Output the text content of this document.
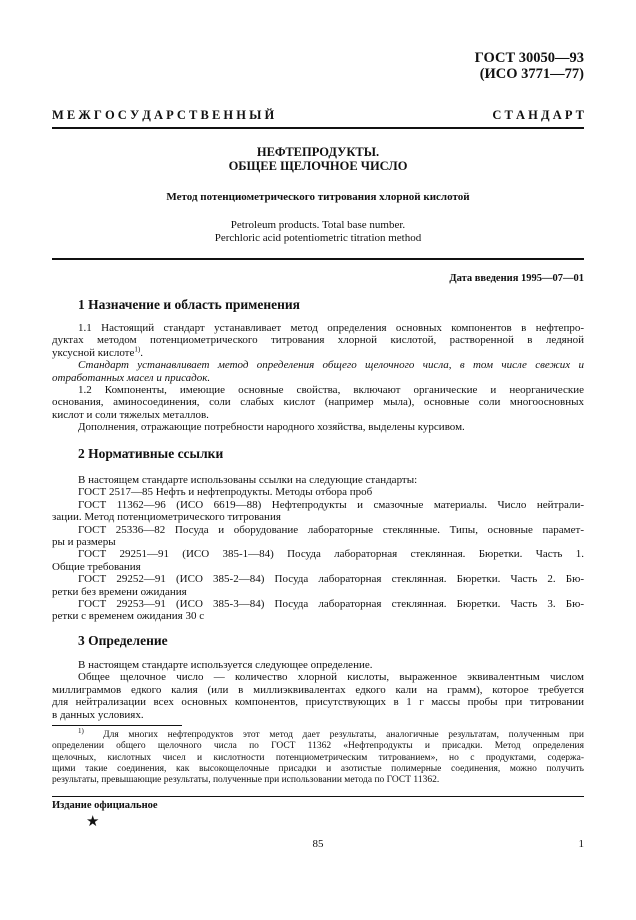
ГОСТ 30050—93
(ИСО 3771—77)
М Е Ж Г О С У Д А Р С Т В Е Н Н Ы Й	С Т А Н Д А Р Т
НЕФТЕПРОДУКТЫ.
ОБЩЕЕ ЩЕЛОЧНОЕ ЧИСЛО
Метод потенциометрического титрования хлорной кислотой
Petroleum products. Total base number.
Perchloric acid potentiometric titration method
Дата введения 1995—07—01
1 Назначение и область применения
1.1 Настоящий стандарт устанавливает метод определения основных компонентов в нефтепро-
дуктах методом потенциометрического титрования хлорной кислотой, растворенной в ледяной
уксусной кислоте$^{1)}$.
Стандарт устанавливает метод определения общего щелочного числа, в том числе свежих и
отработанных масел и присадок.
1.2 Компоненты, имеющие основные свойства, включают органические и неорганические
основания, аминосоединения, соли слабых кислот (например мыла), основные соли многоосновных
кислот и соли тяжелых металлов.
Дополнения, отражающие потребности народного хозяйства, выделены курсивом.
2 Нормативные ссылки
В настоящем стандарте использованы ссылки на следующие стандарты:
ГОСТ 2517—85 Нефть и нефтепродукты. Методы отбора проб
ГОСТ 11362—96 (ИСО 6619—88) Нефтепродукты и смазочные материалы. Число нейтрали-
зации. Метод потенциометрического титрования
ГОСТ 25336—82 Посуда и оборудование лабораторные стеклянные. Типы, основные парамет-
ры и размеры
ГОСТ 29251—91 (ИСО 385-1—84) Посуда лабораторная стеклянная. Бюретки. Часть 1.
Общие требования
ГОСТ 29252—91 (ИСО 385-2—84) Посуда лабораторная стеклянная. Бюретки. Часть 2. Бю-
ретки без времени ожидания
ГОСТ 29253—91 (ИСО 385-3—84) Посуда лабораторная стеклянная. Бюретки. Часть 3. Бю-
ретки с временем ожидания 30 с
3 Определение
В настоящем стандарте используется следующее определение.
Общее щелочное число — количество хлорной кислоты, выраженное эквивалентным числом
миллиграммов едкого калия (или в миллиэквивалентах едкого кали на грамм), которое требуется
для нейтрализации всех основных компонентов, присутствующих в 1 г массы пробы при титровании
в данных условиях.
$^{1)}$ Для многих нефтепродуктов этот метод дает результаты, аналогичные результатам, полученным при
определении общего щелочного числа по ГОСТ 11362 «Нефтепродукты и присадки. Метод определения
щелочных, кислотных чисел и кислотности потенциометрическим титрованием», но с продуктами, содержа-
щими такие соединения, как высокощелочные присадки и азотистые полимерные соединения, можно получить
результаты, превышающие результаты, полученные при использовании метода по ГОСТ 11362.
Издание официальное
★
85	1
